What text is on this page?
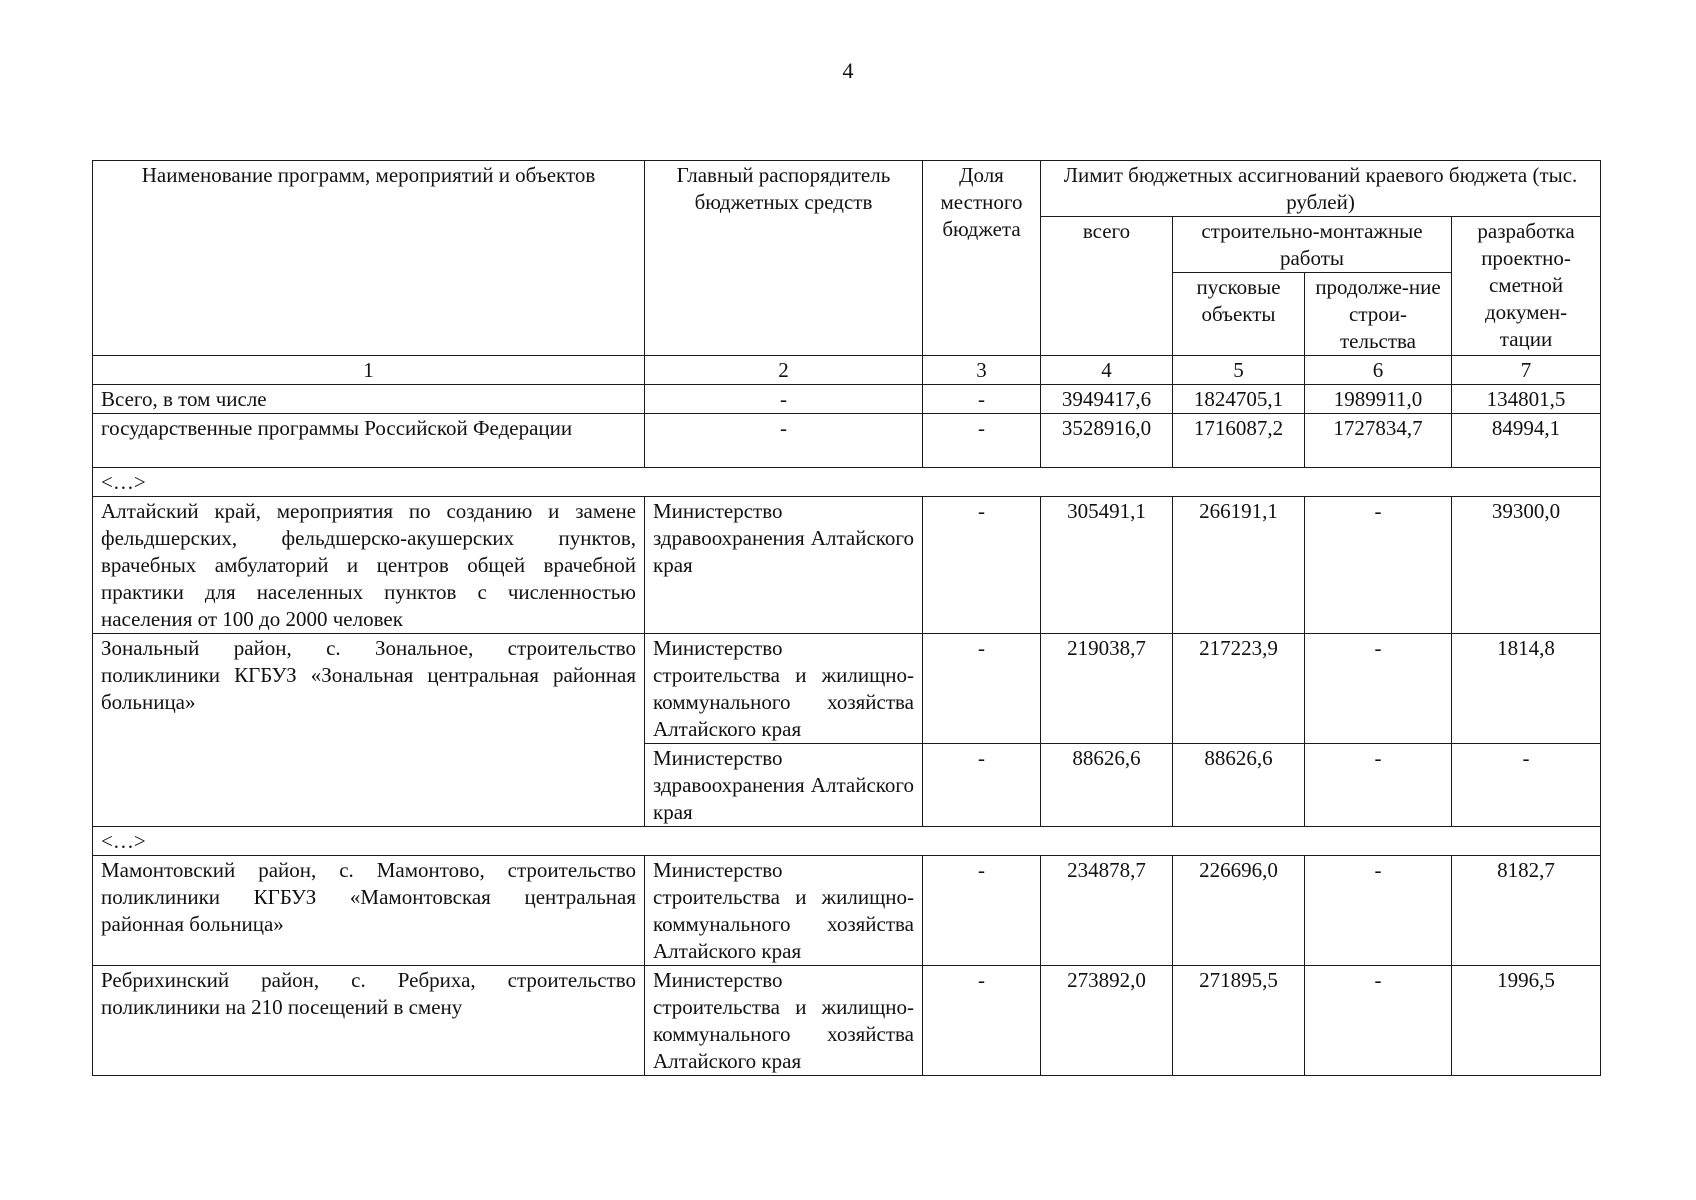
4
Наименование программ, мероприятий и объектов	Главный распорядитель бюджетных средств	Доля местного бюджета	Лимит бюджетных ассигнований краевого бюджета (тыс. рублей)			
			всего	строительно-монтажные работы		разработка проектно-сметной докумен-тации
				пусковые объекты	продолже-ние строи-тельства	
1	2	3	4	5	6	7
Всего, в том числе	-	-	3949417,6	1824705,1	1989911,0	134801,5
государственные программы Российской Федерации	-	-	3528916,0	1716087,2	1727834,7	84994,1
<…>						
Алтайский край, мероприятия по созданию и замене фельдшерских, фельдшерско-акушерских пунктов, врачебных амбулаторий и центров общей врачебной практики для населенных пунктов с численностью населения от 100 до 2000 человек	Министерство здравоохранения Алтайского края	-	305491,1	266191,1	-	39300,0
Зональный район, с. Зональное, строительство поликлиники КГБУЗ «Зональная центральная районная больница»	Министерство строительства и жилищно-коммунального хозяйства Алтайского края	-	219038,7	217223,9	-	1814,8
	Министерство здравоохранения Алтайского края	-	88626,6	88626,6	-	-
<…>						
Мамонтовский район, с. Мамонтово, строительство поликлиники КГБУЗ «Мамонтовская центральная районная больница»	Министерство строительства и жилищно-коммунального хозяйства Алтайского края	-	234878,7	226696,0	-	8182,7
Ребрихинский район, с. Ребриха, строительство поликлиники на 210 посещений в смену	Министерство строительства и жилищно-коммунального хозяйства Алтайского края	-	273892,0	271895,5	-	1996,5
